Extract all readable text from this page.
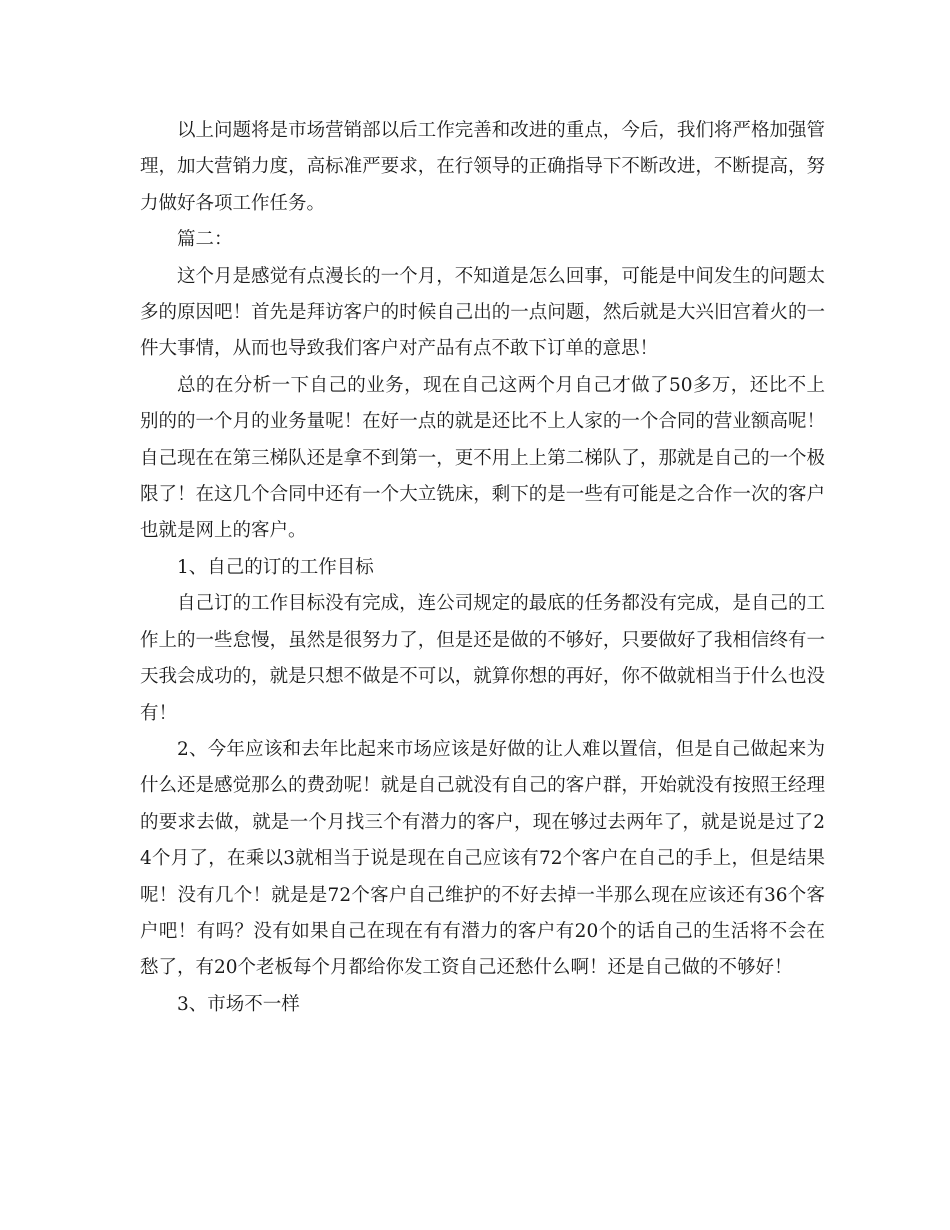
以上问题将是市场营销部以后工作完善和改进的重点，今后，我们将严格加强管理，加大营销力度，高标准严要求，在行领导的正确指导下不断改进，不断提高，努力做好各项工作任务。

篇二：

这个月是感觉有点漫长的一个月，不知道是怎么回事，可能是中间发生的问题太多的原因吧！首先是拜访客户的时候自己出的一点问题，然后就是大兴旧宫着火的一件大事情，从而也导致我们客户对产品有点不敢下订单的意思！

总的在分析一下自己的业务，现在自己这两个月自己才做了50多万，还比不上别的的一个月的业务量呢！在好一点的就是还比不上人家的一个合同的营业额高呢！自己现在在第三梯队还是拿不到第一，更不用上上第二梯队了，那就是自己的一个极限了！在这几个合同中还有一个大立铣床，剩下的是一些有可能是之合作一次的客户也就是网上的客户。

1、自己的订的工作目标

自己订的工作目标没有完成，连公司规定的最底的任务都没有完成，是自己的工作上的一些怠慢，虽然是很努力了，但是还是做的不够好，只要做好了我相信终有一天我会成功的，就是只想不做是不可以，就算你想的再好，你不做就相当于什么也没有！

2、今年应该和去年比起来市场应该是好做的让人难以置信，但是自己做起来为什么还是感觉那么的费劲呢！就是自己就没有自己的客户群，开始就没有按照王经理的要求去做，就是一个月找三个有潜力的客户，现在够过去两年了，就是说是过了24个月了，在乘以3就相当于说是现在自己应该有72个客户在自己的手上，但是结果呢！没有几个！就是是72个客户自己维护的不好去掉一半那么现在应该还有36个客户吧！有吗？没有如果自己在现在有有潜力的客户有20个的话自己的生活将不会在愁了，有20个老板每个月都给你发工资自己还愁什么啊！还是自己做的不够好！

3、市场不一样
